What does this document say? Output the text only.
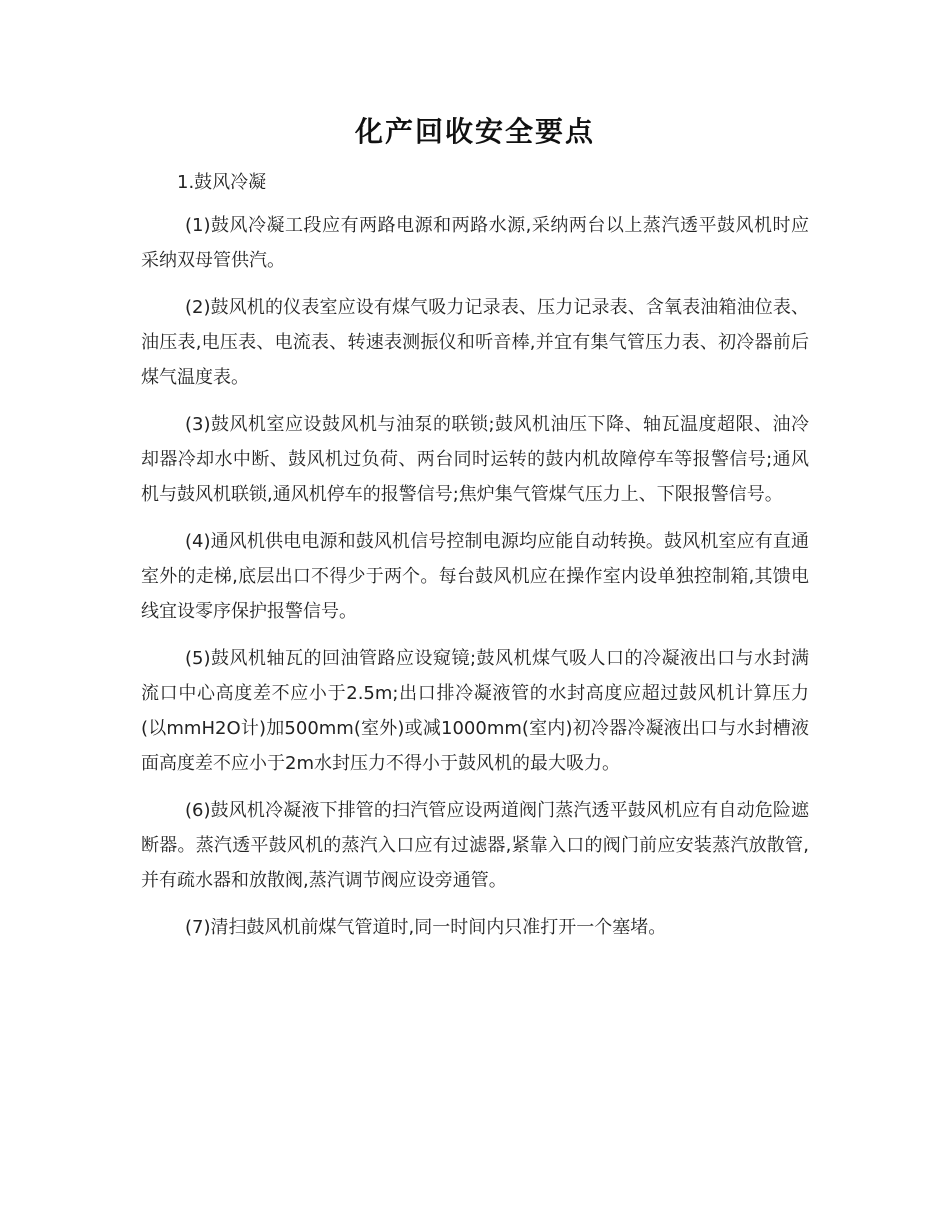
化产回收安全要点

1.鼓风冷凝

(1)鼓风冷凝工段应有两路电源和两路水源,采纳两台以上蒸汽透平鼓风机时应采纳双母管供汽。

(2)鼓风机的仪表室应设有煤气吸力记录表、压力记录表、含氧表油箱油位表、油压表,电压表、电流表、转速表测振仪和听音棒,并宜有集气管压力表、初冷器前后煤气温度表。

(3)鼓风机室应设鼓风机与油泵的联锁;鼓风机油压下降、轴瓦温度超限、油冷却器冷却水中断、鼓风机过负荷、两台同时运转的鼓内机故障停车等报警信号;通风机与鼓风机联锁,通风机停车的报警信号;焦炉集气管煤气压力上、下限报警信号。

(4)通风机供电电源和鼓风机信号控制电源均应能自动转换。鼓风机室应有直通室外的走梯,底层出口不得少于两个。每台鼓风机应在操作室内设单独控制箱,其馈电线宜设零序保护报警信号。

(5)鼓风机轴瓦的回油管路应设窥镜;鼓风机煤气吸人口的冷凝液出口与水封满流口中心高度差不应小于2.5m;出口排冷凝液管的水封高度应超过鼓风机计算压力(以mmH2O计)加500mm(室外)或减1000mm(室内)初冷器冷凝液出口与水封槽液面高度差不应小于2m水封压力不得小于鼓风机的最大吸力。

(6)鼓风机冷凝液下排管的扫汽管应设两道阀门蒸汽透平鼓风机应有自动危险遮断器。蒸汽透平鼓风机的蒸汽入口应有过滤器,紧靠入口的阀门前应安装蒸汽放散管,并有疏水器和放散阀,蒸汽调节阀应设旁通管。

(7)清扫鼓风机前煤气管道时,同一时间内只准打开一个塞堵。
